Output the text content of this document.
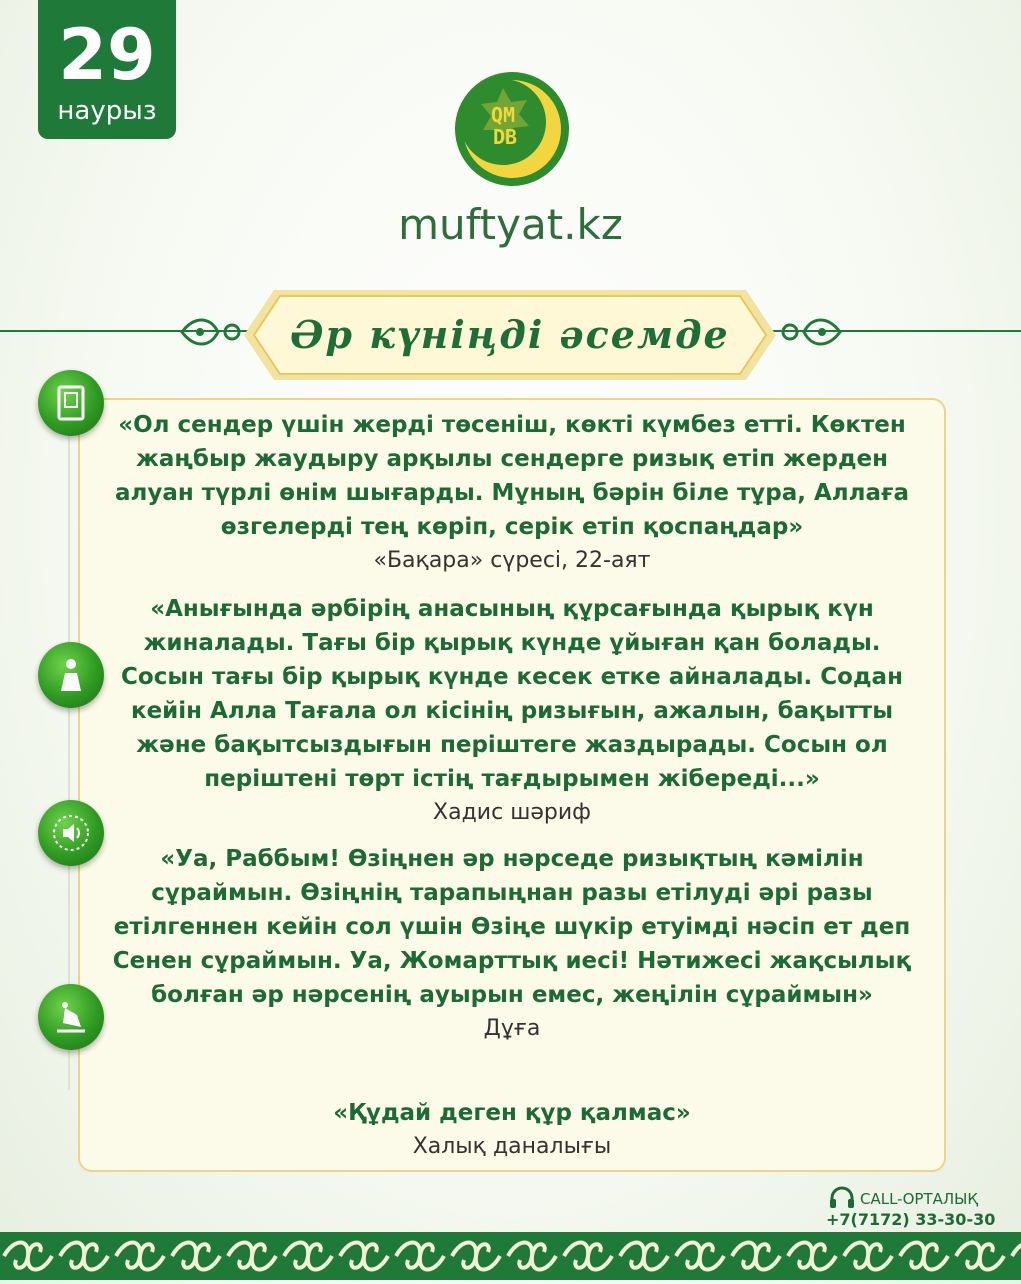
29
наурыз	QM
DB
muftyat.kz
Әр күніңді әсемде
«Ол сендер үшін жерді төсеніш, көкті күмбез етті. Көктен жаңбыр жаудыру арқылы сендерге ризық етіп жерден алуан түрлі өнім шығарды. Мұның бәрін біле тұра, Аллаға өзгелерді тең көріп, серік етіп қоспаңдар»
«Бақара» сүресі, 22-аят
«Анығында әрбірің анасының құрсағында қырық күн жиналады. Тағы бір қырық күнде ұйыған қан болады. Сосын тағы бір қырық күнде кесек етке айналады. Содан кейін Алла Тағала ол кісінің ризығын, ажалын, бақытты және бақытсыздығын періштеге жаздырады. Сосын ол періштені төрт істің тағдырымен жібереді...»
Хадис шәриф
«Уа, Раббым! Өзіңнен әр нәрседе ризықтың кәмілін сұраймын. Өзіңнің тарапыңнан разы етілуді әрі разы етілгеннен кейін сол үшін Өзіңе шүкір етуімді нәсіп ет деп Сенен сұраймын. Уа, Жомарттық иесі! Нәтижесі жақсылық болған әр нәрсенің ауырын емес, жеңілін сұраймын»
Дұға
«Құдай деген құр қалмас»
Халық даналығы
CALL-ОРТАЛЫҚ
+7(7172) 33-30-30
